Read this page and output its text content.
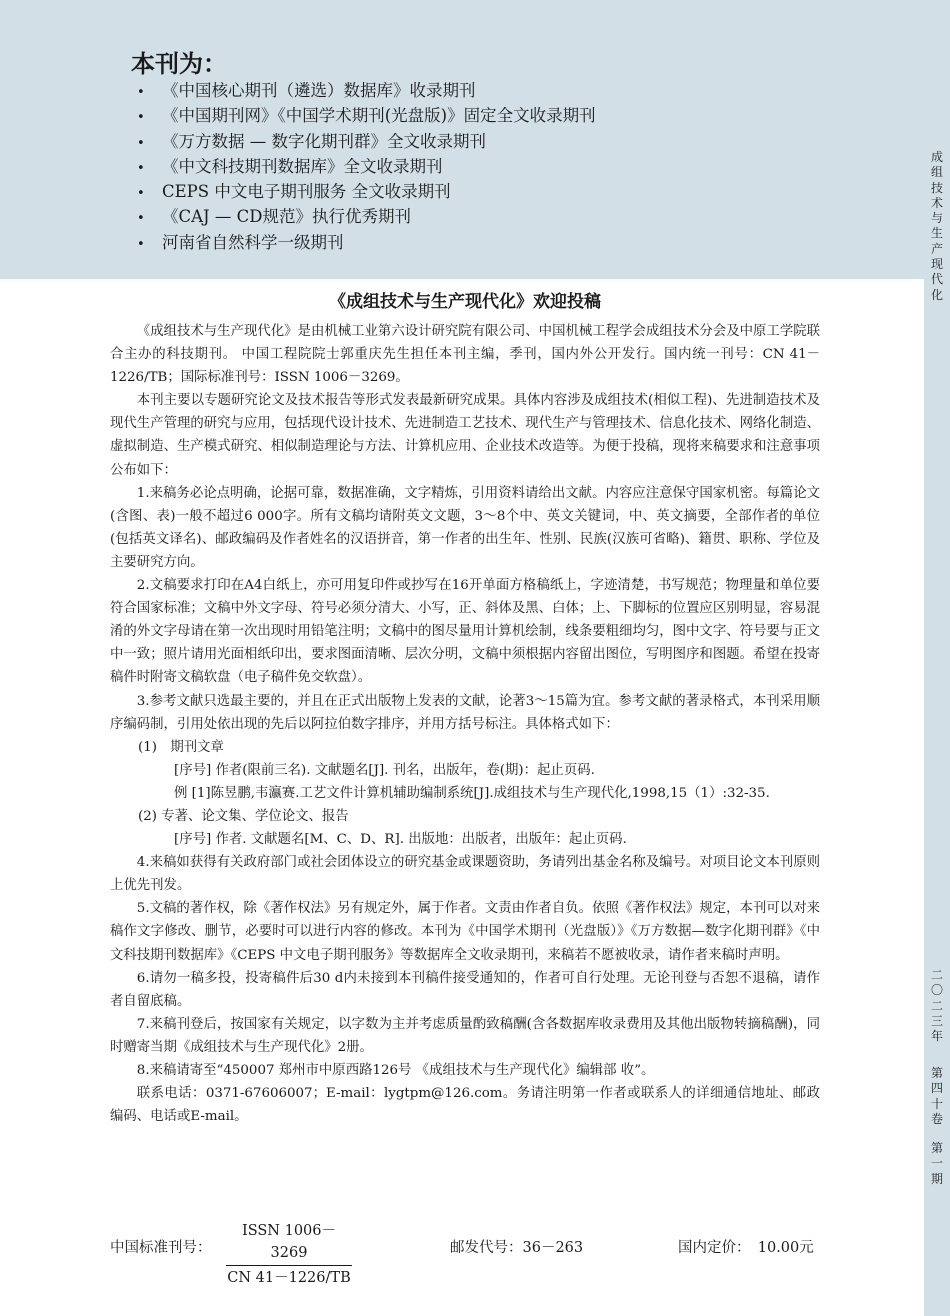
成组技术与生产现代化
二〇二三年
第四十卷
第一期
本刊为：
• 《中国核心期刊（遴选）数据库》收录期刊
• 《中国期刊网》《中国学术期刊(光盘版)》固定全文收录期刊
• 《万方数据 — 数字化期刊群》全文收录期刊
• 《中文科技期刊数据库》全文收录期刊
• CEPS 中文电子期刊服务 全文收录期刊
• 《CAJ — CD规范》执行优秀期刊
• 河南省自然科学一级期刊
《成组技术与生产现代化》欢迎投稿

《成组技术与生产现代化》是由机械工业第六设计研究院有限公司、中国机械工程学会成组技术分会及中原工学院联合主办的科技期刊。 中国工程院院士郭重庆先生担任本刊主编，季刊，国内外公开发行。国内统一刊号：CN 41－1226/TB；国际标准刊号：ISSN 1006－3269。

本刊主要以专题研究论文及技术报告等形式发表最新研究成果。具体内容涉及成组技术(相似工程)、先进制造技术及现代生产管理的研究与应用，包括现代设计技术、先进制造工艺技术、现代生产与管理技术、信息化技术、网络化制造、虚拟制造、生产模式研究、相似制造理论与方法、计算机应用、企业技术改造等。为便于投稿，现将来稿要求和注意事项公布如下：

1.来稿务必论点明确，论据可靠，数据准确，文字精炼，引用资料请给出文献。内容应注意保守国家机密。每篇论文(含图、表)一般不超过6 000字。所有文稿均请附英文文题，3～8个中、英文关键词，中、英文摘要，全部作者的单位(包括英文译名)、邮政编码及作者姓名的汉语拼音，第一作者的出生年、性别、民族(汉族可省略)、籍贯、职称、学位及主要研究方向。

2.文稿要求打印在A4白纸上，亦可用复印件或抄写在16开单面方格稿纸上，字迹清楚，书写规范；物理量和单位要符合国家标准；文稿中外文字母、符号必须分清大、小写，正、斜体及黑、白体；上、下脚标的位置应区别明显，容易混淆的外文字母请在第一次出现时用铅笔注明；文稿中的图尽量用计算机绘制，线条要粗细均匀，图中文字、符号要与正文中一致；照片请用光面相纸印出，要求图面清晰、层次分明，文稿中须根据内容留出图位，写明图序和图题。希望在投寄稿件时附寄文稿软盘（电子稿件免交软盘）。

3.参考文献只选最主要的，并且在正式出版物上发表的文献，论著3～15篇为宜。参考文献的著录格式，本刊采用顺序编码制，引用处依出现的先后以阿拉伯数字排序，并用方括号标注。具体格式如下：

(1)　期刊文章

[序号] 作者(限前三名). 文献题名[J]. 刊名，出版年，卷(期)：起止页码.

例 [1]陈昱鹏,韦瀛赛.工艺文件计算机辅助编制系统[J].成组技术与生产现代化,1998,15（1）:32-35.

(2) 专著、论文集、学位论文、报告

[序号] 作者. 文献题名[M、C、D、R]. 出版地：出版者，出版年：起止页码.

4.来稿如获得有关政府部门或社会团体设立的研究基金或课题资助，务请列出基金名称及编号。对项目论文本刊原则上优先刊发。

5.文稿的著作权，除《著作权法》另有规定外，属于作者。文责由作者自负。依照《著作权法》规定，本刊可以对来稿作文字修改、删节，必要时可以进行内容的修改。本刊为《中国学术期刊（光盘版）》《万方数据—数字化期刊群》《中文科技期刊数据库》《CEPS 中文电子期刊服务》等数据库全文收录期刊，来稿若不愿被收录，请作者来稿时声明。

6.请勿一稿多投，投寄稿件后30 d内未接到本刊稿件接受通知的，作者可自行处理。无论刊登与否恕不退稿，请作者自留底稿。

7.来稿刊登后，按国家有关规定，以字数为主并考虑质量酌致稿酬(含各数据库收录费用及其他出版物转摘稿酬)，同时赠寄当期《成组技术与生产现代化》2册。

8.来稿请寄至“450007 郑州市中原西路126号 《成组技术与生产现代化》编辑部 收”。

联系电话：0371-67606007；E-mail：lygtpm@126.com。务请注明第一作者或联系人的详细通信地址、邮政编码、电话或E-mail。

中国标准刊号：
ISSN 1006－3269
CN 41－1226/TB
邮发代号：36－263	国内定价：　10.00元
